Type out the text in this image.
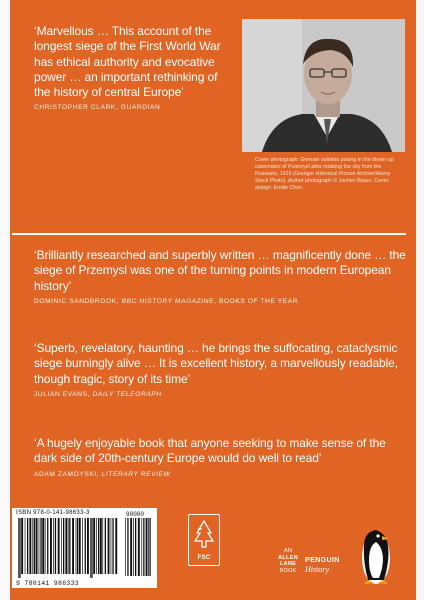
‘Marvellous … This account of the longest siege of the First World War has ethical authority and evocative power … an important rethinking of the history of central Europe’

CHRISTOPHER CLARK, GUARDIAN
Cover photograph: German soldiers posing in the blown-up casemates of Przemyśl after retaking the city from the Russians, 1915 (Granger Historical Picture Archive/Alamy Stock Photo). Author photograph © Jochen Braun. Cover design: Emilie Chen.

‘Brilliantly researched and superbly written … magnificently done … the siege of Przemysl was one of the turning points in modern European history’

DOMINIC SANDBROOK, BBC HISTORY MAGAZINE, BOOKS OF THE YEAR

‘Superb, revelatory, haunting … he brings the suffocating, cataclysmic siege burningly alive … It is excellent history, a marvellously readable, though tragic, story of its time’

JULIAN EVANS, DAILY TELEGRAPH

‘A hugely enjoyable book that anyone seeking to make sense of the dark side of 20th-century Europe would do well to read’

ADAM ZAMOYSKI, LITERARY REVIEW
ISBN 978-0-141-98633-3
9 780141 986333
90000
FSC
AN
ALLEN
LANE
BOOK
PENGUIN
History
